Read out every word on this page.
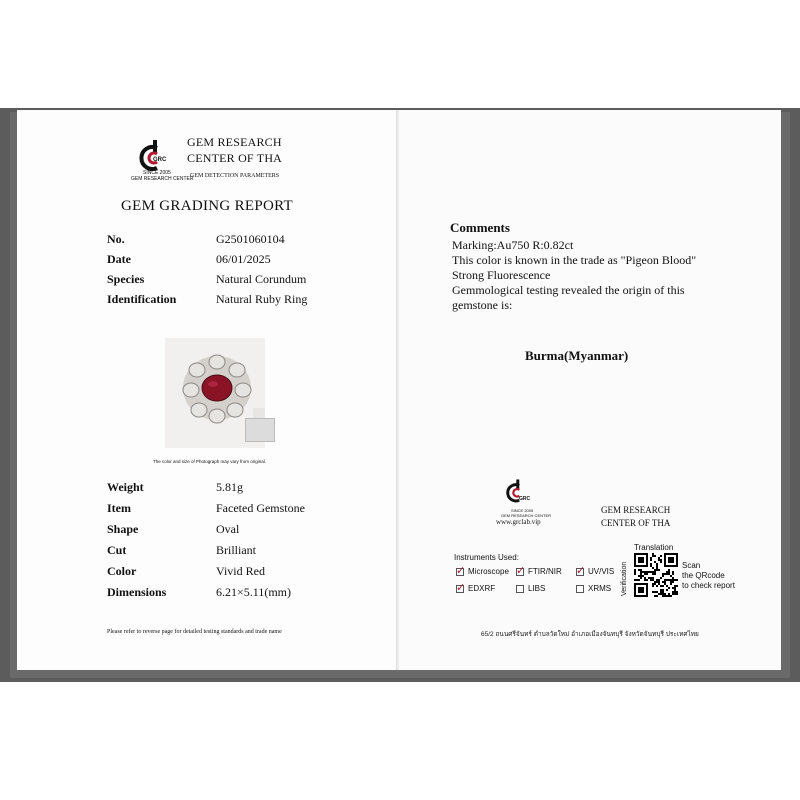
GRC
SINCE 2005
GEM RESEARCH CENTER
GEM RESEARCH
CENTER OF THA
GEM DETECTION PARAMETERS
GEM GRADING REPORT
No.	G2501060104
Date	06/01/2025
Species	Natural Corundum
Identification	Natural Ruby Ring
The color and size of Photograph may vary from original.
Weight	5.81g
Item	Faceted Gemstone
Shape	Oval
Cut	Brilliant
Color	Vivid Red
Dimensions	6.21×5.11(mm)
Please refer to reverse page for detailed testing standards and trade name
Comments
Marking:Au750 R:0.82ct
This color is known in the trade as "Pigeon Blood"
Strong Fluorescence
Gemmological testing revealed the origin of this
gemstone is:
Burma(Myanmar)
GRC
SINCE 2005
GEM RESEARCH CENTER
www.grclab.vip
GEM RESEARCH
CENTER OF THA
Instruments Used:
✓ Microscope ✓ FTIR/NIR ✓ UV/VIS
✓ EDXRF	LIBS	XRMS
Translation
Verification	Scan
the QRcode
to check report
65/2 ถนนศรีจันทร์ ตำบลวัดใหม่ อำเภอเมืองจันทบุรี จังหวัดจันทบุรี ประเทศไทย
